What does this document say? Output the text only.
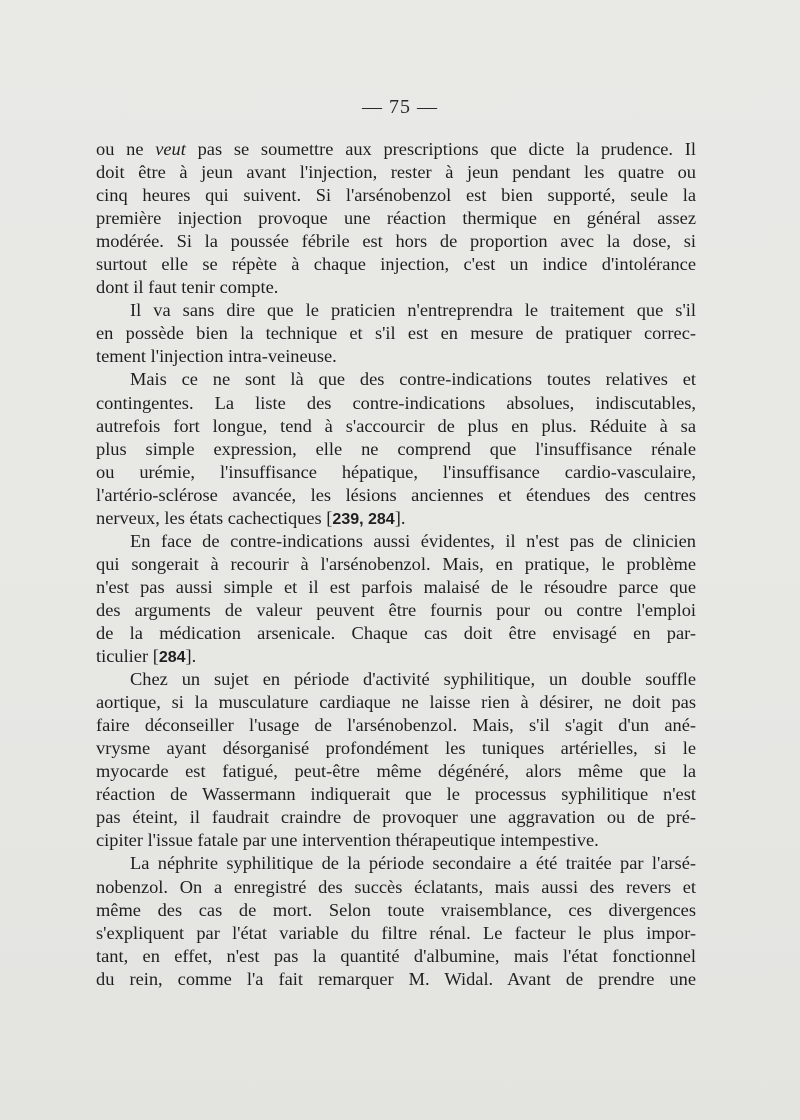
— 75 —
ou ne veut pas se soumettre aux prescriptions que dicte la prudence. Il
doit être à jeun avant l'injection, rester à jeun pendant les quatre ou
cinq heures qui suivent. Si l'arsénobenzol est bien supporté, seule la
première injection provoque une réaction thermique en général assez
modérée. Si la poussée fébrile est hors de proportion avec la dose, si
surtout elle se répète à chaque injection, c'est un indice d'intolérance
dont il faut tenir compte.
Il va sans dire que le praticien n'entreprendra le traitement que s'il
en possède bien la technique et s'il est en mesure de pratiquer correc-
tement l'injection intra-veineuse.
Mais ce ne sont là que des contre-indications toutes relatives et
contingentes. La liste des contre-indications absolues, indiscutables,
autrefois fort longue, tend à s'accourcir de plus en plus. Réduite à sa
plus simple expression, elle ne comprend que l'insuffisance rénale
ou urémie, l'insuffisance hépatique, l'insuffisance cardio-vasculaire,
l'artério-sclérose avancée, les lésions anciennes et étendues des centres
nerveux, les états cachectiques [239, 284].
En face de contre-indications aussi évidentes, il n'est pas de clinicien
qui songerait à recourir à l'arsénobenzol. Mais, en pratique, le problème
n'est pas aussi simple et il est parfois malaisé de le résoudre parce que
des arguments de valeur peuvent être fournis pour ou contre l'emploi
de la médication arsenicale. Chaque cas doit être envisagé en par-
ticulier [284].
Chez un sujet en période d'activité syphilitique, un double souffle
aortique, si la musculature cardiaque ne laisse rien à désirer, ne doit pas
faire déconseiller l'usage de l'arsénobenzol. Mais, s'il s'agit d'un ané-
vrysme ayant désorganisé profondément les tuniques artérielles, si le
myocarde est fatigué, peut-être même dégénéré, alors même que la
réaction de Wassermann indiquerait que le processus syphilitique n'est
pas éteint, il faudrait craindre de provoquer une aggravation ou de pré-
cipiter l'issue fatale par une intervention thérapeutique intempestive.
La néphrite syphilitique de la période secondaire a été traitée par l'arsé-
nobenzol. On a enregistré des succès éclatants, mais aussi des revers et
même des cas de mort. Selon toute vraisemblance, ces divergences
s'expliquent par l'état variable du filtre rénal. Le facteur le plus impor-
tant, en effet, n'est pas la quantité d'albumine, mais l'état fonctionnel
du rein, comme l'a fait remarquer M. Widal. Avant de prendre une
